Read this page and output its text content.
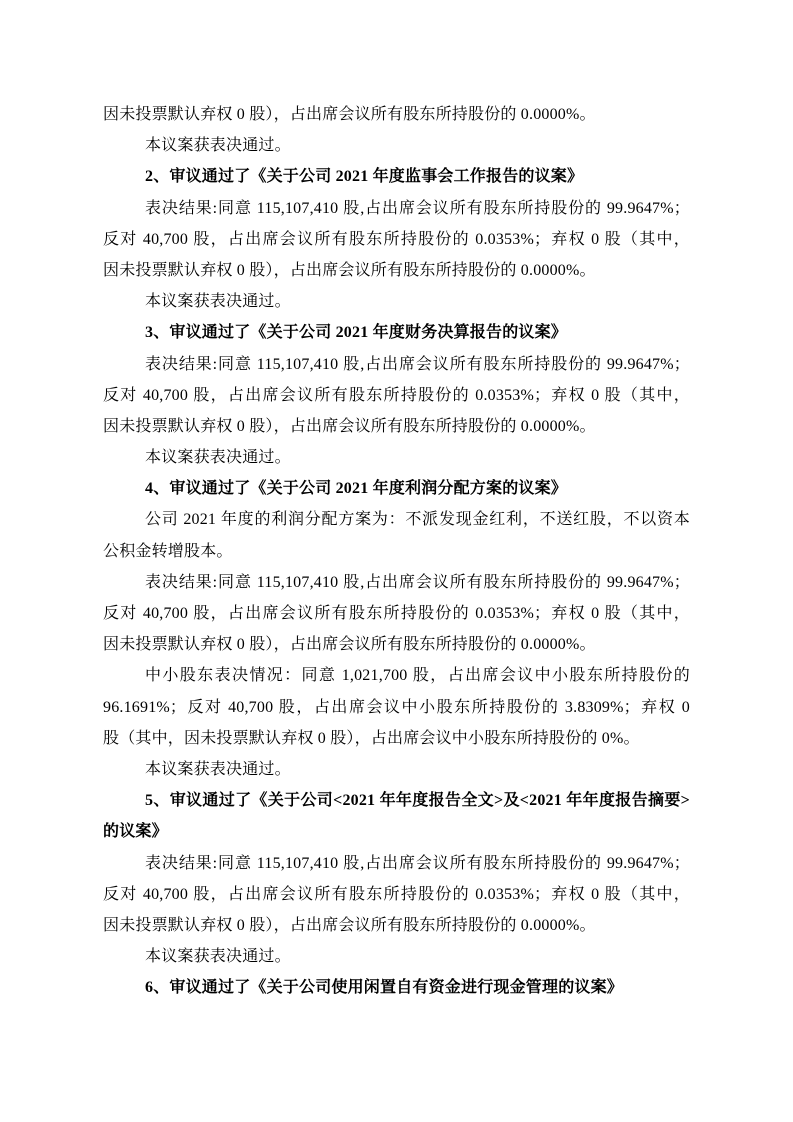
因未投票默认弃权 0 股），占出席会议所有股东所持股份的 0.0000%。
本议案获表决通过。
2、审议通过了《关于公司 2021 年度监事会工作报告的议案》
表决结果:同意 115,107,410 股,占出席会议所有股东所持股份的 99.9647%；
反对 40,700 股，占出席会议所有股东所持股份的 0.0353%；弃权 0 股（其中，
因未投票默认弃权 0 股），占出席会议所有股东所持股份的 0.0000%。
本议案获表决通过。
3、审议通过了《关于公司 2021 年度财务决算报告的议案》
表决结果:同意 115,107,410 股,占出席会议所有股东所持股份的 99.9647%；
反对 40,700 股，占出席会议所有股东所持股份的 0.0353%；弃权 0 股（其中，
因未投票默认弃权 0 股），占出席会议所有股东所持股份的 0.0000%。
本议案获表决通过。
4、审议通过了《关于公司 2021 年度利润分配方案的议案》
公司 2021 年度的利润分配方案为：不派发现金红利，不送红股，不以资本
公积金转增股本。
表决结果:同意 115,107,410 股,占出席会议所有股东所持股份的 99.9647%；
反对 40,700 股，占出席会议所有股东所持股份的 0.0353%；弃权 0 股（其中，
因未投票默认弃权 0 股），占出席会议所有股东所持股份的 0.0000%。
中小股东表决情况：同意 1,021,700 股，占出席会议中小股东所持股份的
96.1691%；反对 40,700 股，占出席会议中小股东所持股份的 3.8309%；弃权 0
股（其中，因未投票默认弃权 0 股），占出席会议中小股东所持股份的 0%。
本议案获表决通过。
5、审议通过了《关于公司<2021 年年度报告全文>及<2021 年年度报告摘要>
的议案》
表决结果:同意 115,107,410 股,占出席会议所有股东所持股份的 99.9647%；
反对 40,700 股，占出席会议所有股东所持股份的 0.0353%；弃权 0 股（其中，
因未投票默认弃权 0 股），占出席会议所有股东所持股份的 0.0000%。
本议案获表决通过。
6、审议通过了《关于公司使用闲置自有资金进行现金管理的议案》
